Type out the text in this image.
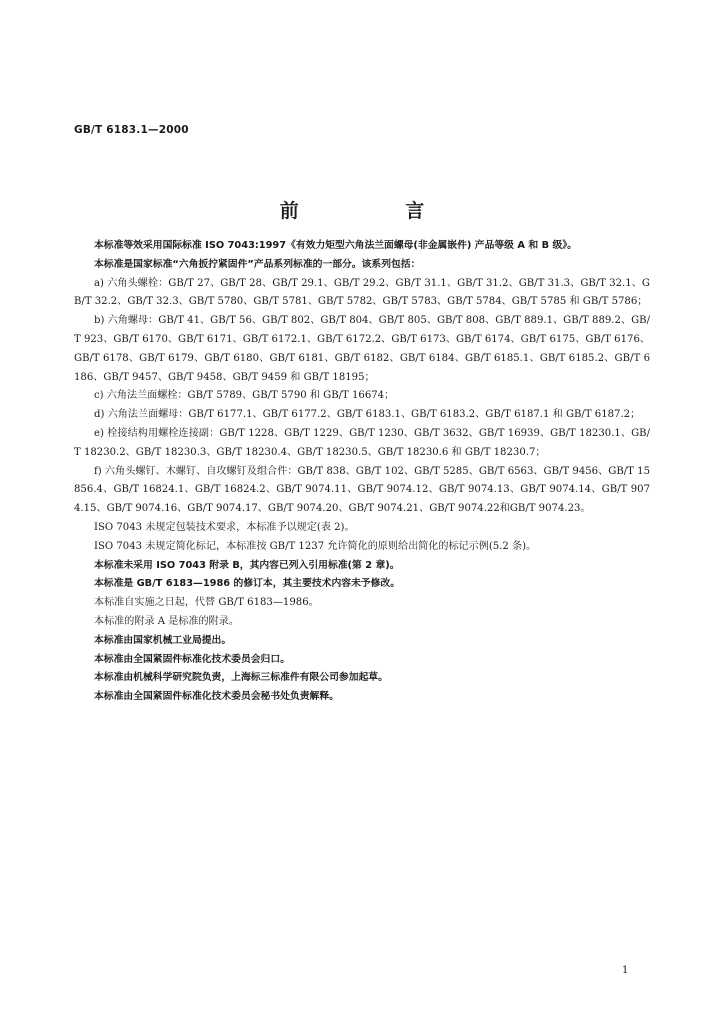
GB/T 6183.1—2000
前 言

本标准等效采用国际标准 ISO 7043:1997《有效力矩型六角法兰面螺母(非金属嵌件) 产品等级 A 和 B 级》。

本标准是国家标准“六角扳拧紧固件”产品系列标准的一部分。该系列包括：

a) 六角头螺栓：GB/T 27、GB/T 28、GB/T 29.1、GB/T 29.2、GB/T 31.1、GB/T 31.2、GB/T 31.3、GB/T 32.1、GB/T 32.2、GB/T 32.3、GB/T 5780、GB/T 5781、GB/T 5782、GB/T 5783、GB/T 5784、GB/T 5785 和 GB/T 5786；

b) 六角螺母：GB/T 41、GB/T 56、GB/T 802、GB/T 804、GB/T 805、GB/T 808、GB/T 889.1、GB/T 889.2、GB/T 923、GB/T 6170、GB/T 6171、GB/T 6172.1、GB/T 6172.2、GB/T 6173、GB/T 6174、GB/T 6175、GB/T 6176、GB/T 6178、GB/T 6179、GB/T 6180、GB/T 6181、GB/T 6182、GB/T 6184、GB/T 6185.1、GB/T 6185.2、GB/T 6186、GB/T 9457、GB/T 9458、GB/T 9459 和 GB/T 18195；

c) 六角法兰面螺栓：GB/T 5789、GB/T 5790 和 GB/T 16674；

d) 六角法兰面螺母：GB/T 6177.1、GB/T 6177.2、GB/T 6183.1、GB/T 6183.2、GB/T 6187.1 和 GB/T 6187.2；

e) 栓接结构用螺栓连接副：GB/T 1228、GB/T 1229、GB/T 1230、GB/T 3632、GB/T 16939、GB/T 18230.1、GB/T 18230.2、GB/T 18230.3、GB/T 18230.4、GB/T 18230.5、GB/T 18230.6 和 GB/T 18230.7；

f) 六角头螺钉、木螺钉、自攻螺钉及组合件：GB/T 838、GB/T 102、GB/T 5285、GB/T 6563、GB/T 9456、GB/T 15856.4、GB/T 16824.1、GB/T 16824.2、GB/T 9074.11、GB/T 9074.12、GB/T 9074.13、GB/T 9074.14、GB/T 9074.15、GB/T 9074.16、GB/T 9074.17、GB/T 9074.20、GB/T 9074.21、GB/T 9074.22和GB/T 9074.23。

ISO 7043 未规定包装技术要求，本标准予以规定(表 2)。

ISO 7043 未规定简化标记，本标准按 GB/T 1237 允许简化的原则给出简化的标记示例(5.2 条)。

本标准未采用 ISO 7043 附录 B，其内容已列入引用标准(第 2 章)。

本标准是 GB/T 6183—1986 的修订本，其主要技术内容未予修改。

本标准自实施之日起，代替 GB/T 6183—1986。

本标准的附录 A 是标准的附录。

本标准由国家机械工业局提出。

本标准由全国紧固件标准化技术委员会归口。

本标准由机械科学研究院负责，上海标三标准件有限公司参加起草。

本标准由全国紧固件标准化技术委员会秘书处负责解释。

1
